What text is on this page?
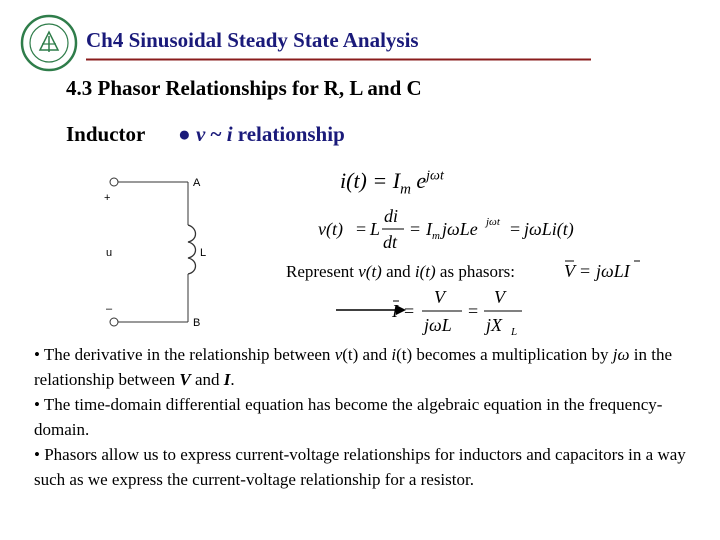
Ch4 Sinusoidal Steady State Analysis
4.3 Phasor Relationships for R, L and C
Inductor ● v ~ i relationship
A
+
u	L
–
B
$i(t) = I_m$ $e^{j\omega t}$
v(t) = L
di
dt
= I m jωLe jωt = jωLi(t)
Represent v(t) and i(t) as phasors:	V = jωLI
I =
V
jωL
=
V
jX L

• The derivative in the relationship between v(t) and i(t) becomes a multiplication by jω in the relationship between V and I.

• The time-domain differential equation has become the algebraic equation in the frequency-domain.

• Phasors allow us to express current-voltage relationships for inductors and capacitors in a way such as we express the current-voltage relationship for a resistor.
